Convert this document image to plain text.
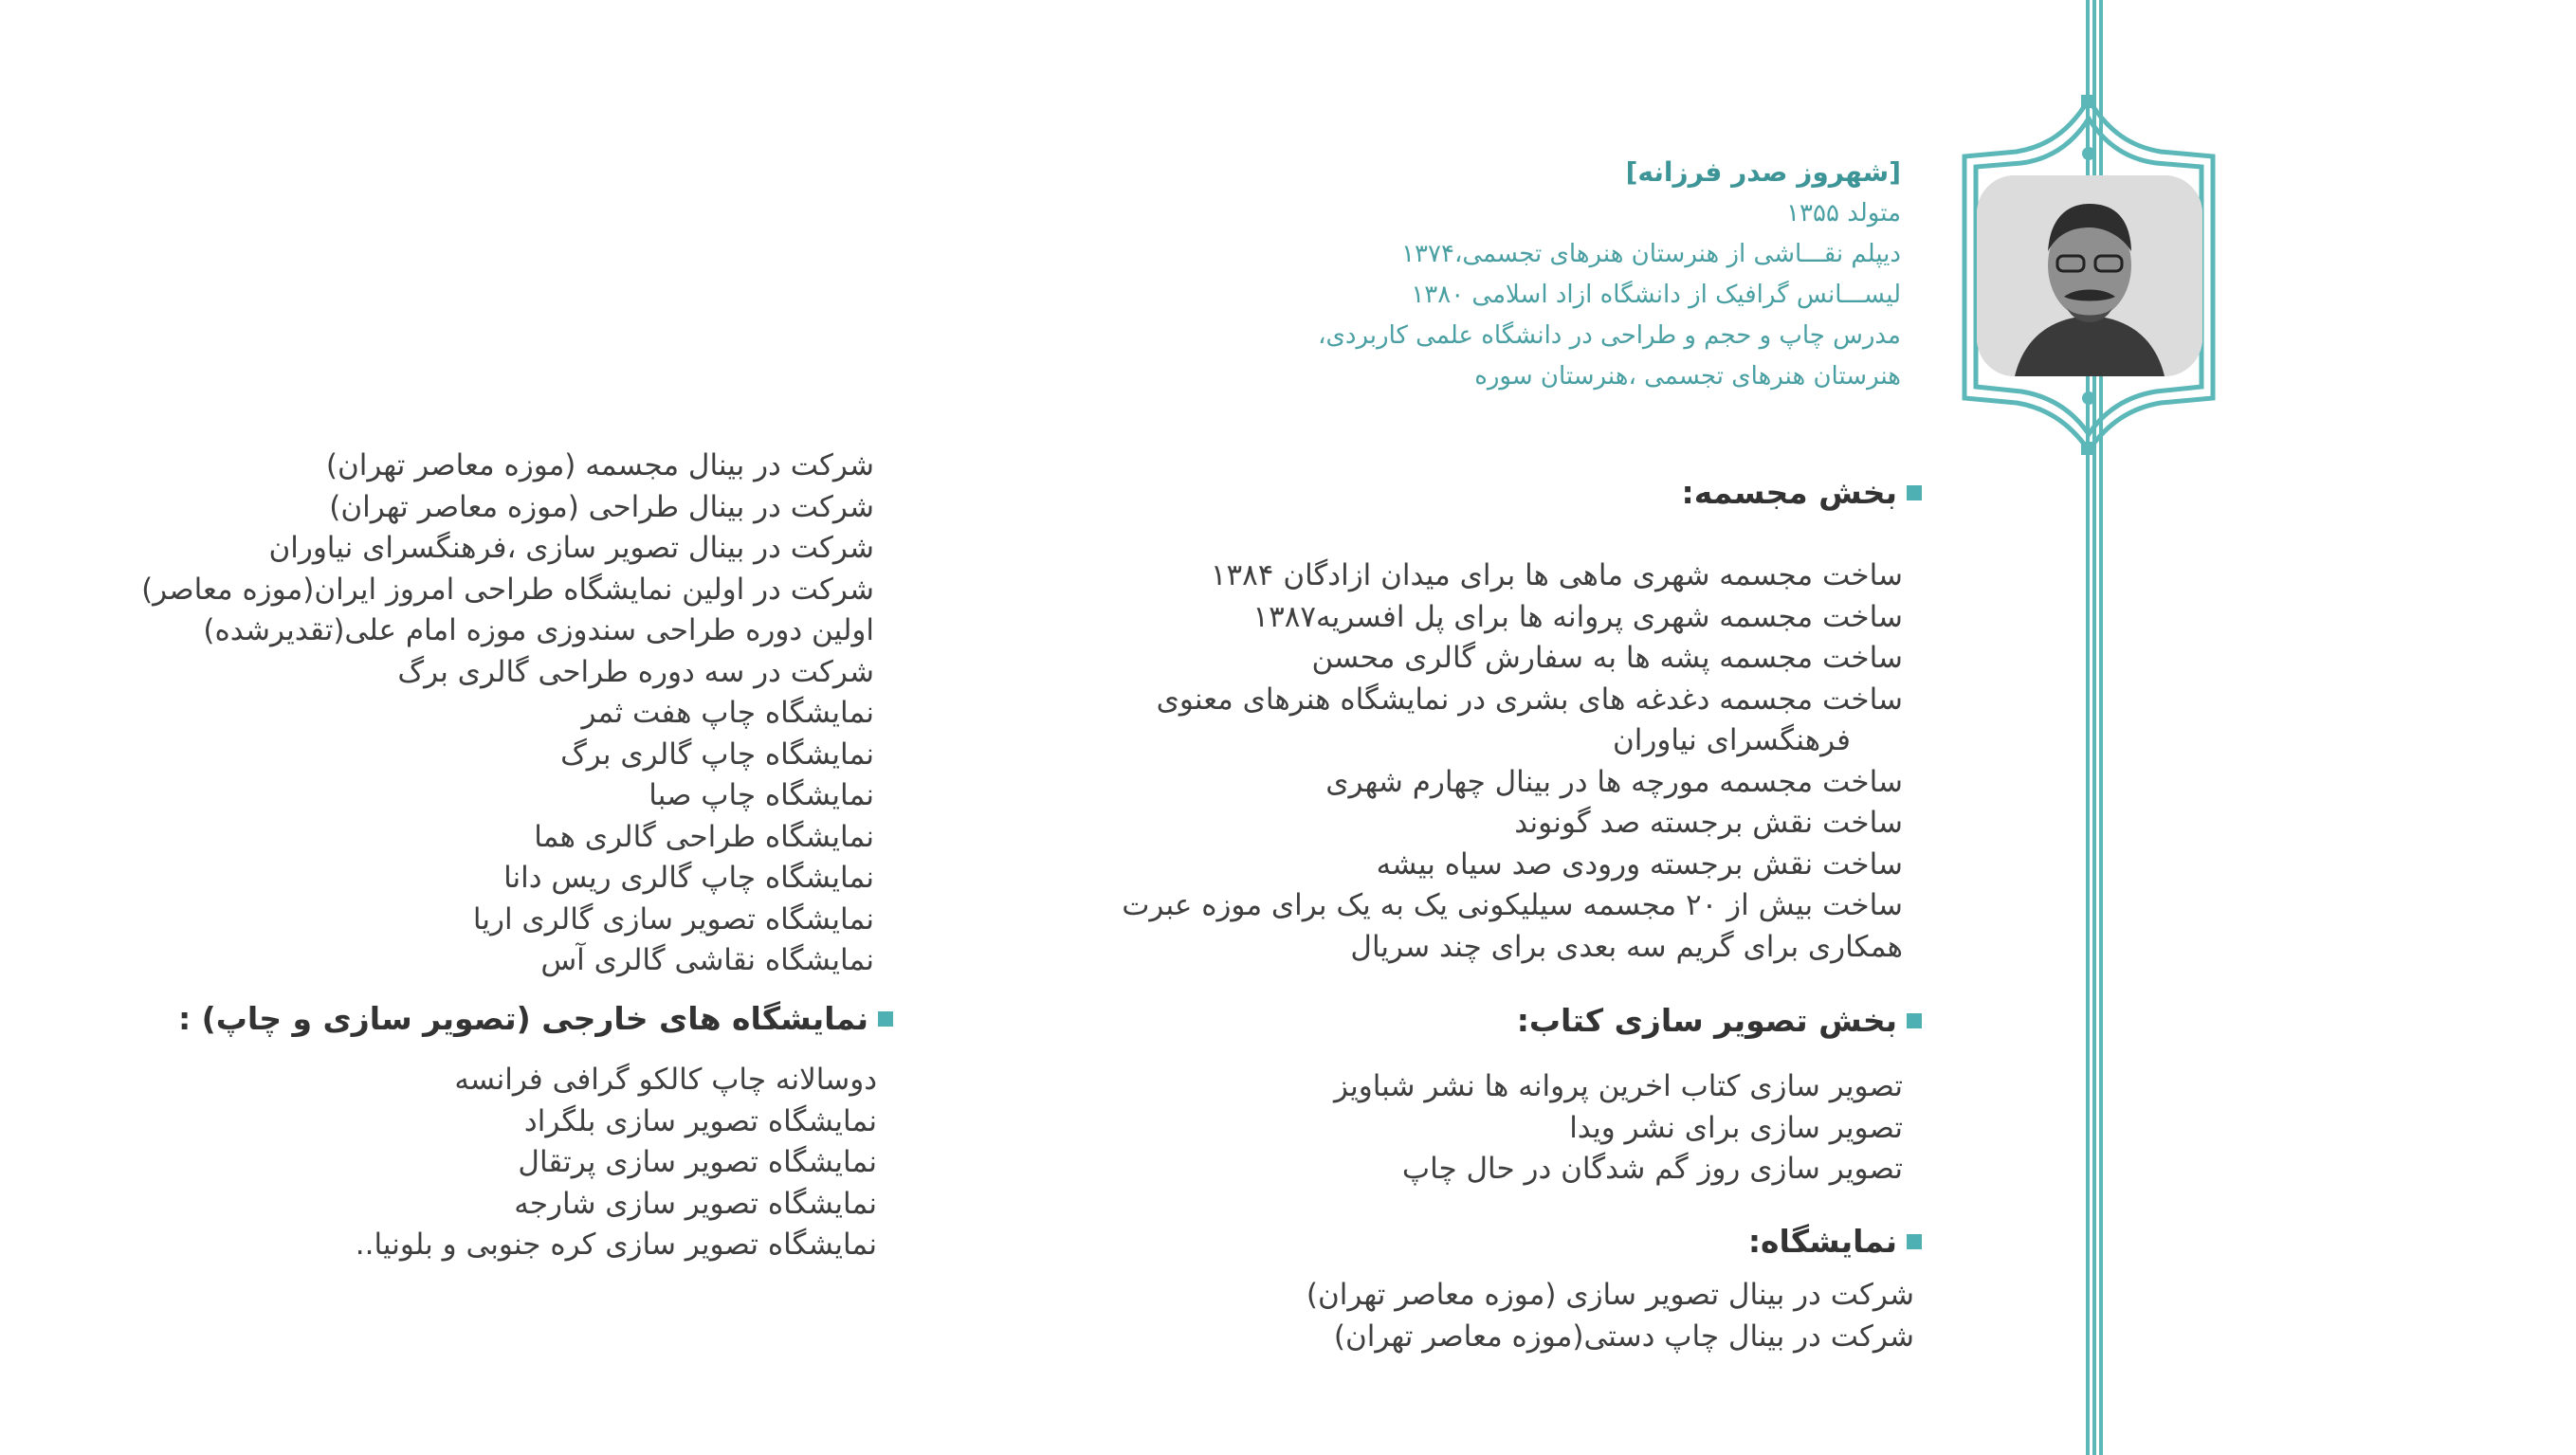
[شهروز صدر فرزانه]
متولد ۱۳۵۵
دیپلم نقـــاشی از هنرستان هنرهای تجسمی،۱۳۷۴
لیســـانس گرافیک از دانشگاه ازاد اسلامی ۱۳۸۰
مدرس چاپ و حجم و طراحی در دانشگاه علمی کاربردی،
هنرستان هنرهای تجسمی ،هنرستان سوره
بخش مجسمه:
ساخت مجسمه شهری ماهی ها برای میدان ازادگان ۱۳۸۴
ساخت مجسمه شهری پروانه ها برای پل افسریه۱۳۸۷
ساخت مجسمه پشه ها به سفارش گالری محسن
ساخت مجسمه دغدغه های بشری در نمایشگاه هنرهای معنوی
فرهنگسرای نیاوران
ساخت مجسمه مورچه ها در بینال چهارم شهری
ساخت نقش برجسته صد گونوند
ساخت نقش برجسته ورودی صد سیاه بیشه
ساخت بیش از ۲۰ مجسمه سیلیکونی یک به یک برای موزه عبرت
همکاری برای گریم سه بعدی برای چند سریال
بخش تصویر سازی کتاب:
تصویر سازی کتاب اخرین پروانه ها نشر شباویز
تصویر سازی برای نشر ویدا
تصویر سازی روز گم شدگان در حال چاپ
نمایشگاه:
شرکت در بینال تصویر سازی (موزه معاصر تهران)
شرکت در بینال چاپ دستی(موزه معاصر تهران)
شرکت در بینال مجسمه (موزه معاصر تهران)
شرکت در بینال طراحی (موزه معاصر تهران)
شرکت در بینال تصویر سازی ،فرهنگسرای نیاوران
شرکت در اولین نمایشگاه طراحی امروز ایران(موزه معاصر)
اولین دوره طراحی سندوزی موزه امام علی(تقدیرشده)
شرکت در سه دوره طراحی گالری برگ
نمایشگاه چاپ هفت ثمر
نمایشگاه چاپ گالری برگ
نمایشگاه چاپ صبا
نمایشگاه طراحی گالری هما
نمایشگاه چاپ گالری ریس دانا
نمایشگاه تصویر سازی گالری اریا
نمایشگاه نقاشی گالری آس
نمایشگاه های خارجی (تصویر سازی و چاپ) :
دوسالانه چاپ کالکو گرافی فرانسه
نمایشگاه تصویر سازی بلگراد
نمایشگاه تصویر سازی پرتقال
نمایشگاه تصویر سازی شارجه
نمایشگاه تصویر سازی کره جنوبی و بلونیا..
